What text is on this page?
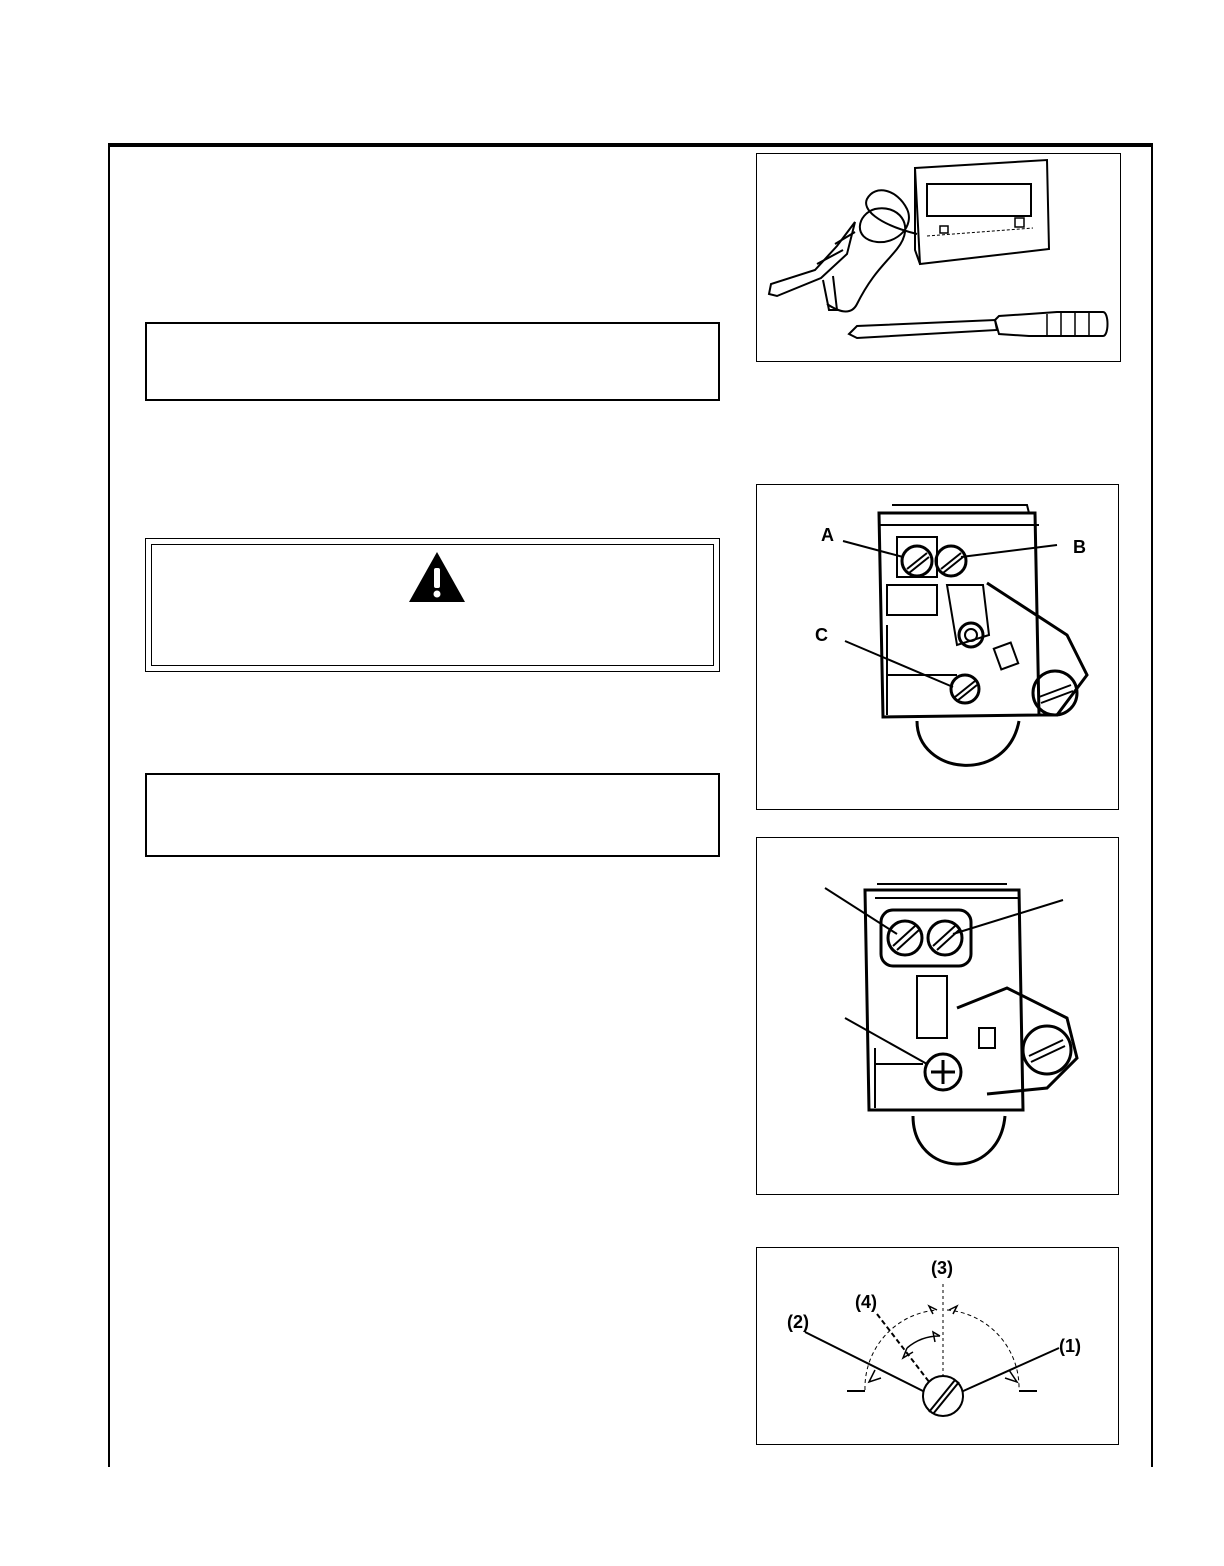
A
B
C
(3)
(4)
(2)
(1)
